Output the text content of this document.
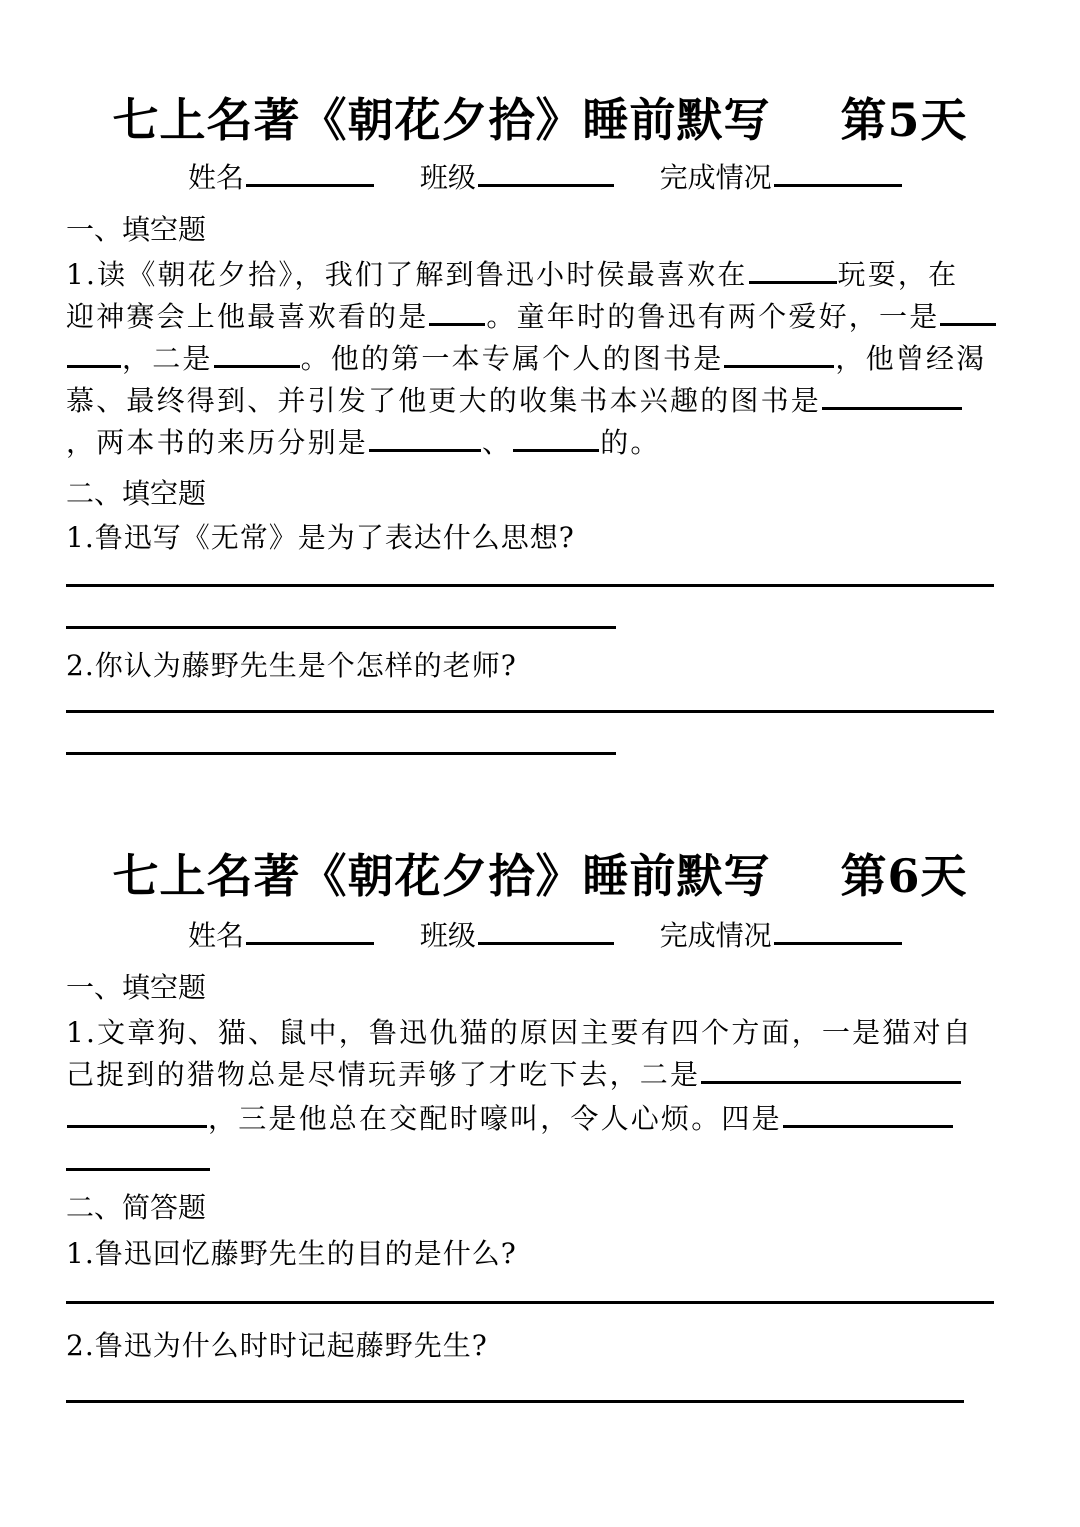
七上名著《朝花夕拾》睡前默写 第5天
姓名	班级	完成情况
一、填空题
1.读《朝花夕拾》，我们了解到鲁迅小时侯最喜欢在	玩耍，在
迎神赛会上他最喜欢看的是 。童年时的鲁迅有两个爱好，一是
，二是	。他的第一本专属个人的图书是	，他曾经渴
慕、最终得到、并引发了他更大的收集书本兴趣的图书是
，两本书的来历分别是	、	的。
二、填空题
1.鲁迅写《无常》是为了表达什么思想?
2.你认为藤野先生是个怎样的老师?
七上名著《朝花夕拾》睡前默写 第6天
姓名	班级	完成情况
一、填空题
1.文章狗、猫、鼠中，鲁迅仇猫的原因主要有四个方面，一是猫对自
己捉到的猎物总是尽情玩弄够了才吃下去，二是
，三是他总在交配时嚎叫，令人心烦。四是
二、简答题
1.鲁迅回忆藤野先生的目的是什么?
2.鲁迅为什么时时记起藤野先生?
